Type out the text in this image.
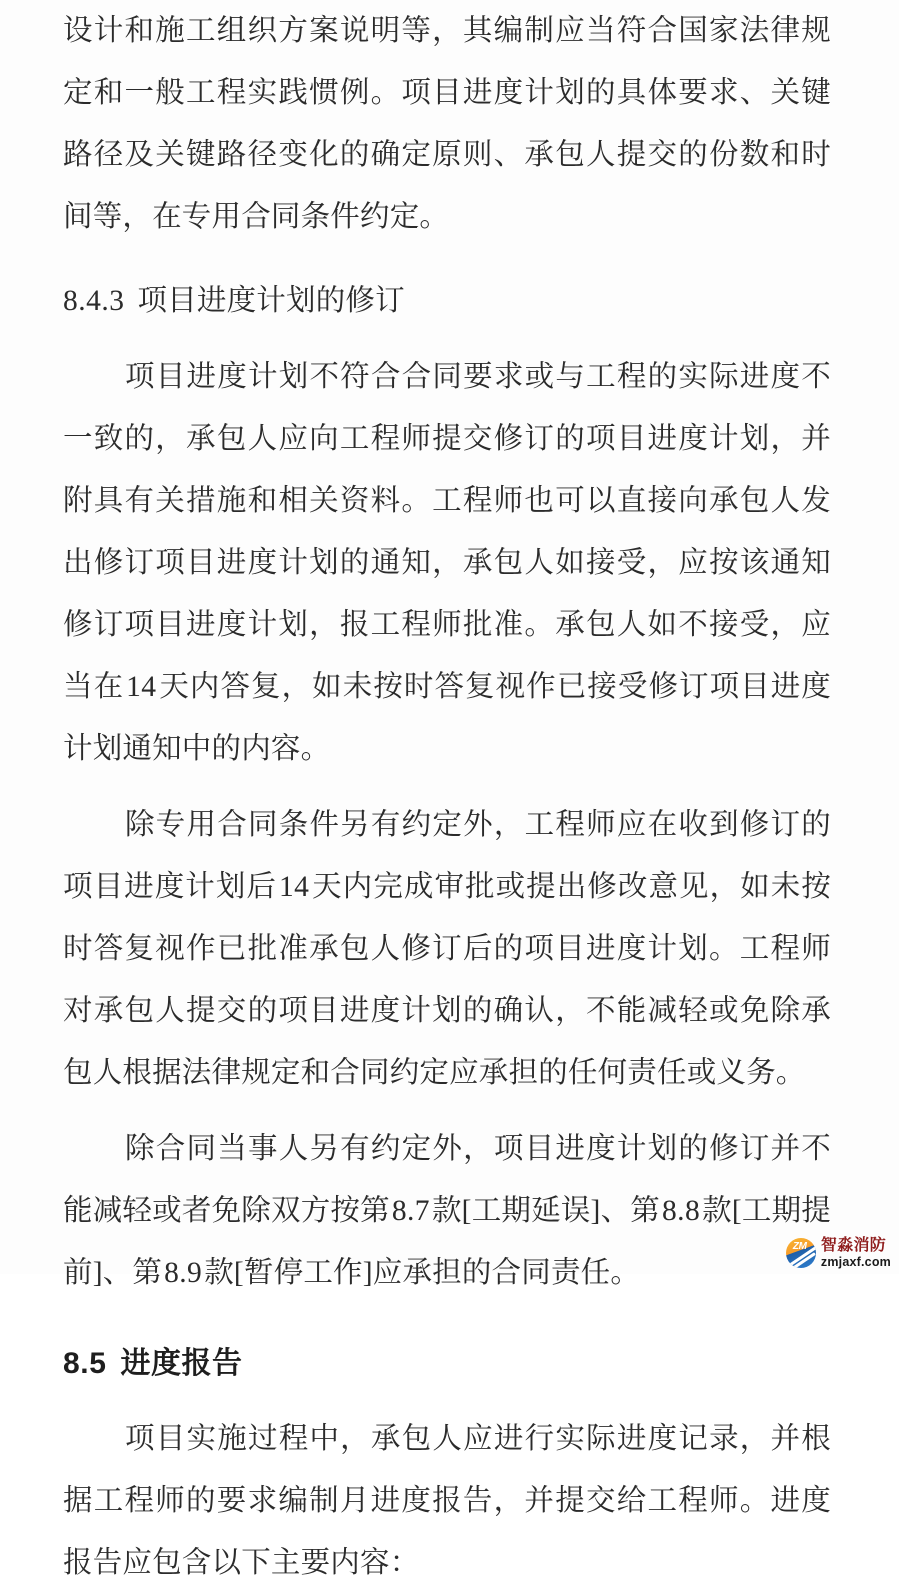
设计和施工组织方案说明等，其编制应当符合国家法律规定和一般工程实践惯例。项目进度计划的具体要求、关键路径及关键路径变化的确定原则、承包人提交的份数和时间等，在专用合同条件约定。

8.4.3 项目进度计划的修订

项目进度计划不符合合同要求或与工程的实际进度不一致的，承包人应向工程师提交修订的项目进度计划，并附具有关措施和相关资料。工程师也可以直接向承包人发出修订项目进度计划的通知，承包人如接受，应按该通知修订项目进度计划，报工程师批准。承包人如不接受，应当在14天内答复，如未按时答复视作已接受修订项目进度计划通知中的内容。

除专用合同条件另有约定外，工程师应在收到修订的项目进度计划后14天内完成审批或提出修改意见，如未按时答复视作已批准承包人修订后的项目进度计划。工程师对承包人提交的项目进度计划的确认，不能减轻或免除承包人根据法律规定和合同约定应承担的任何责任或义务。

除合同当事人另有约定外，项目进度计划的修订并不能减轻或者免除双方按第8.7款[工期延误]、第8.8款[工期提前]、第8.9款[暂停工作]应承担的合同责任。

8.5 进度报告

项目实施过程中，承包人应进行实际进度记录，并根据工程师的要求编制月进度报告，并提交给工程师。进度报告应包含以下主要内容：

ZM 智淼消防
zmjaxf.com
